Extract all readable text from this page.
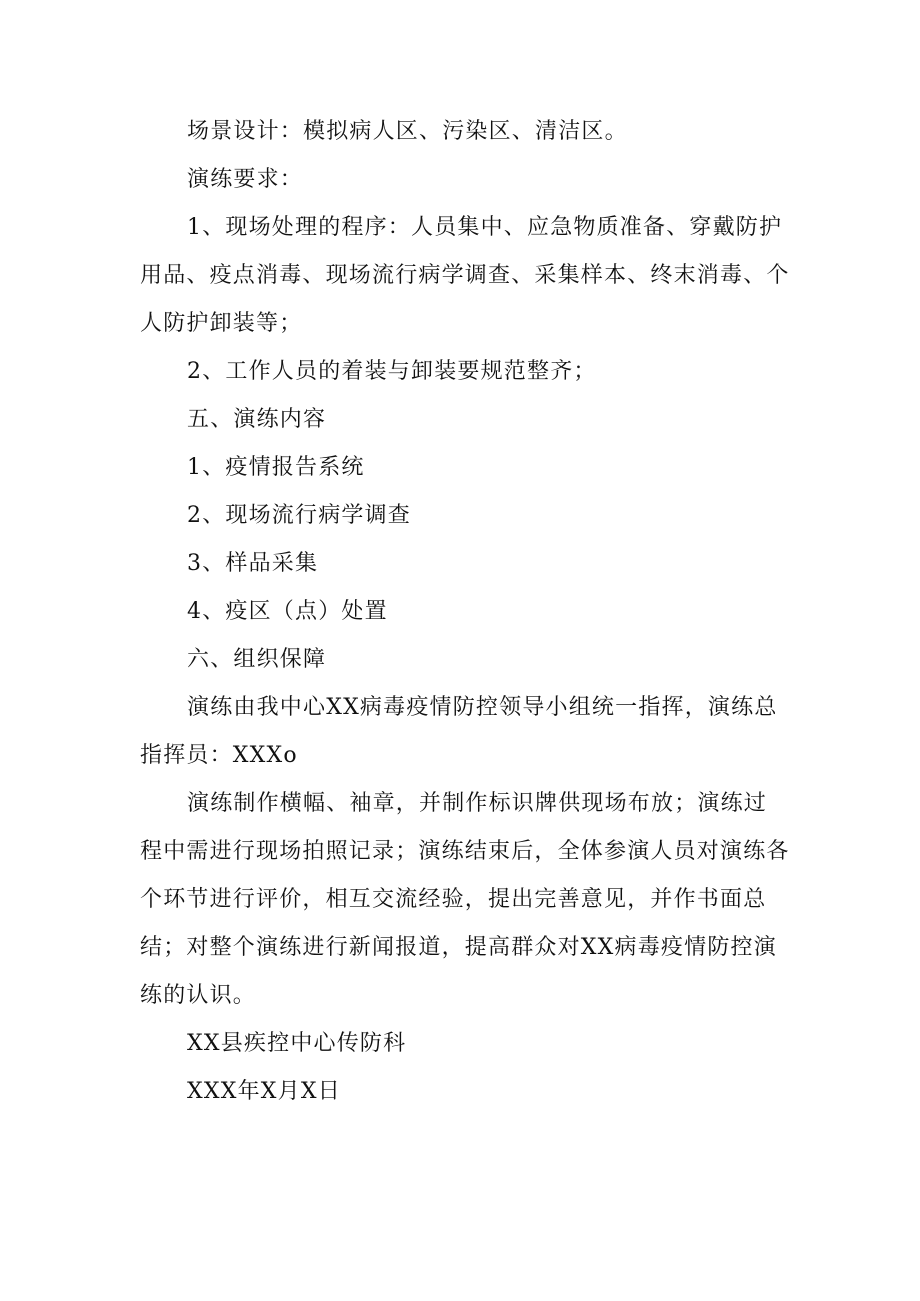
场景设计：模拟病人区、污染区、清洁区。

演练要求：

1、现场处理的程序：人员集中、应急物质准备、穿戴防护用品、疫点消毒、现场流行病学调查、采集样本、终末消毒、个人防护卸装等；

2、工作人员的着装与卸装要规范整齐；

五、演练内容

1、疫情报告系统

2、现场流行病学调查

3、样品采集

4、疫区（点）处置

六、组织保障

演练由我中心XX病毒疫情防控领导小组统一指挥，演练总指挥员：XXXo

演练制作横幅、袖章，并制作标识牌供现场布放；演练过程中需进行现场拍照记录；演练结束后，全体参演人员对演练各个环节进行评价，相互交流经验，提出完善意见，并作书面总结；对整个演练进行新闻报道，提高群众对XX病毒疫情防控演练的认识。

XX县疾控中心传防科

XXX年X月X日
